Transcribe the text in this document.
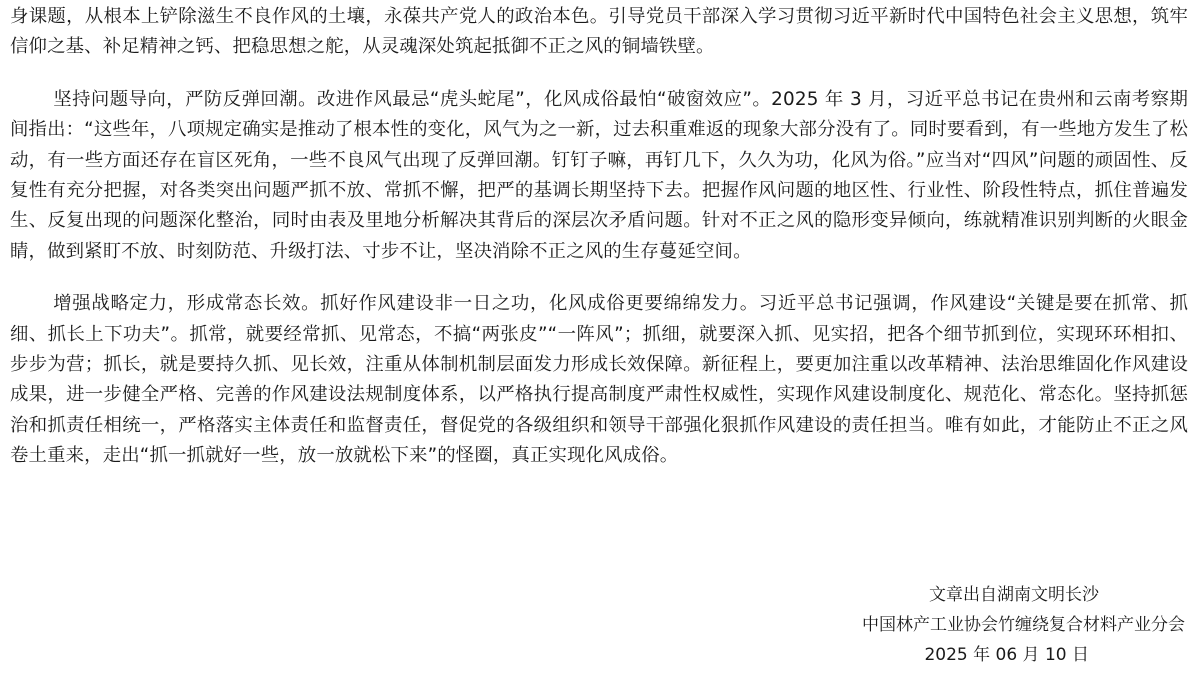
身课题，从根本上铲除滋生不良作风的土壤，永葆共产党人的政治本色。引导党员干部深入学习贯彻习近平新时代中国特色社会主义思想，筑牢信仰之基、补足精神之钙、把稳思想之舵，从灵魂深处筑起抵御不正之风的铜墙铁壁。

坚持问题导向，严防反弹回潮。改进作风最忌“虎头蛇尾”，化风成俗最怕“破窗效应”。2025 年 3 月，习近平总书记在贵州和云南考察期间指出：“这些年，八项规定确实是推动了根本性的变化，风气为之一新，过去积重难返的现象大部分没有了。同时要看到，有一些地方发生了松动，有一些方面还存在盲区死角，一些不良风气出现了反弹回潮。钉钉子嘛，再钉几下，久久为功，化风为俗。”应当对“四风”问题的顽固性、反复性有充分把握，对各类突出问题严抓不放、常抓不懈，把严的基调长期坚持下去。把握作风问题的地区性、行业性、阶段性特点，抓住普遍发生、反复出现的问题深化整治，同时由表及里地分析解决其背后的深层次矛盾问题。针对不正之风的隐形变异倾向，练就精准识别判断的火眼金睛，做到紧盯不放、时刻防范、升级打法、寸步不让，坚决消除不正之风的生存蔓延空间。

增强战略定力，形成常态长效。抓好作风建设非一日之功，化风成俗更要绵绵发力。习近平总书记强调，作风建设“关键是要在抓常、抓细、抓长上下功夫”。抓常，就要经常抓、见常态，不搞“两张皮”“一阵风”；抓细，就要深入抓、见实招，把各个细节抓到位，实现环环相扣、步步为营；抓长，就是要持久抓、见长效，注重从体制机制层面发力形成长效保障。新征程上，要更加注重以改革精神、法治思维固化作风建设成果，进一步健全严格、完善的作风建设法规制度体系，以严格执行提高制度严肃性权威性，实现作风建设制度化、规范化、常态化。坚持抓惩治和抓责任相统一，严格落实主体责任和监督责任，督促党的各级组织和领导干部强化狠抓作风建设的责任担当。唯有如此，才能防止不正之风卷土重来，走出“抓一抓就好一些，放一放就松下来”的怪圈，真正实现化风成俗。

文章出自湖南文明长沙
中国林产工业协会竹缠绕复合材料产业分会
2025 年 06 月 10 日
